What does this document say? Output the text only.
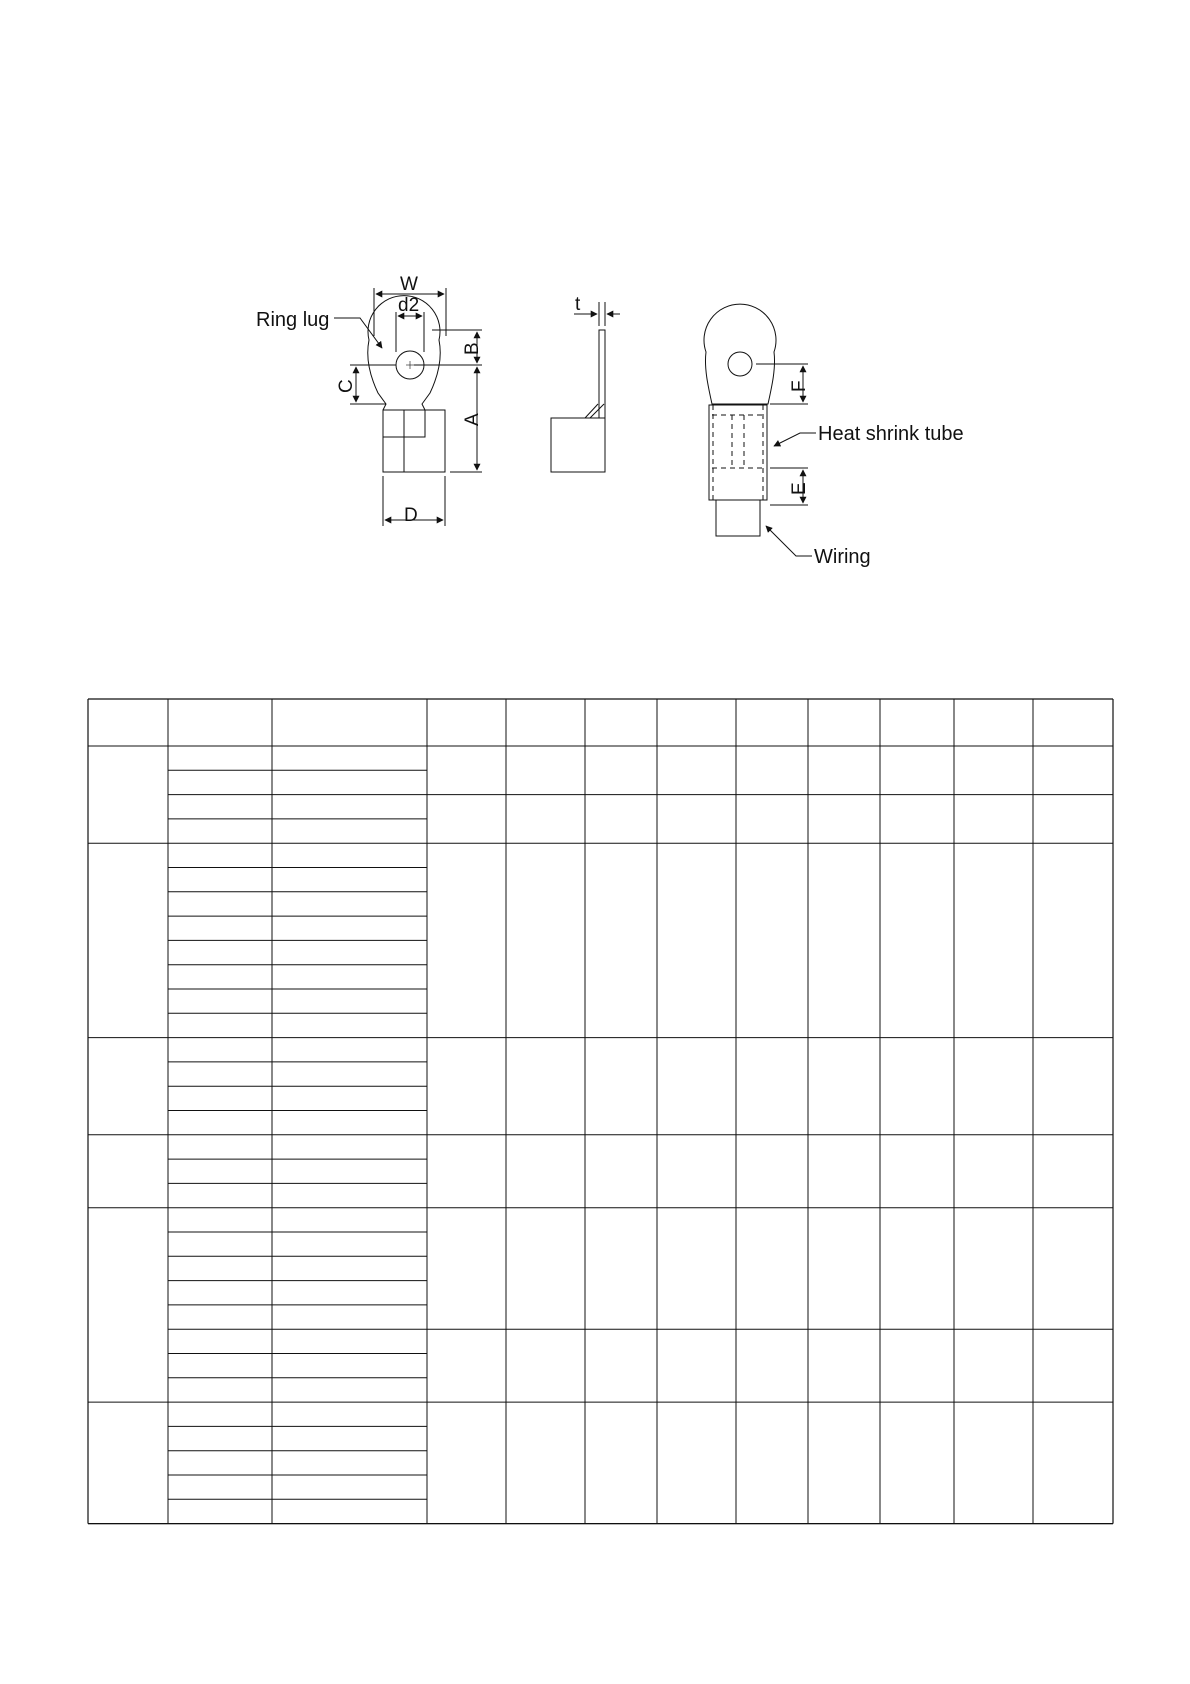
W
d2
Ring lug
B
A
C
D
t
F
E
Heat shrink tube
Wiring
